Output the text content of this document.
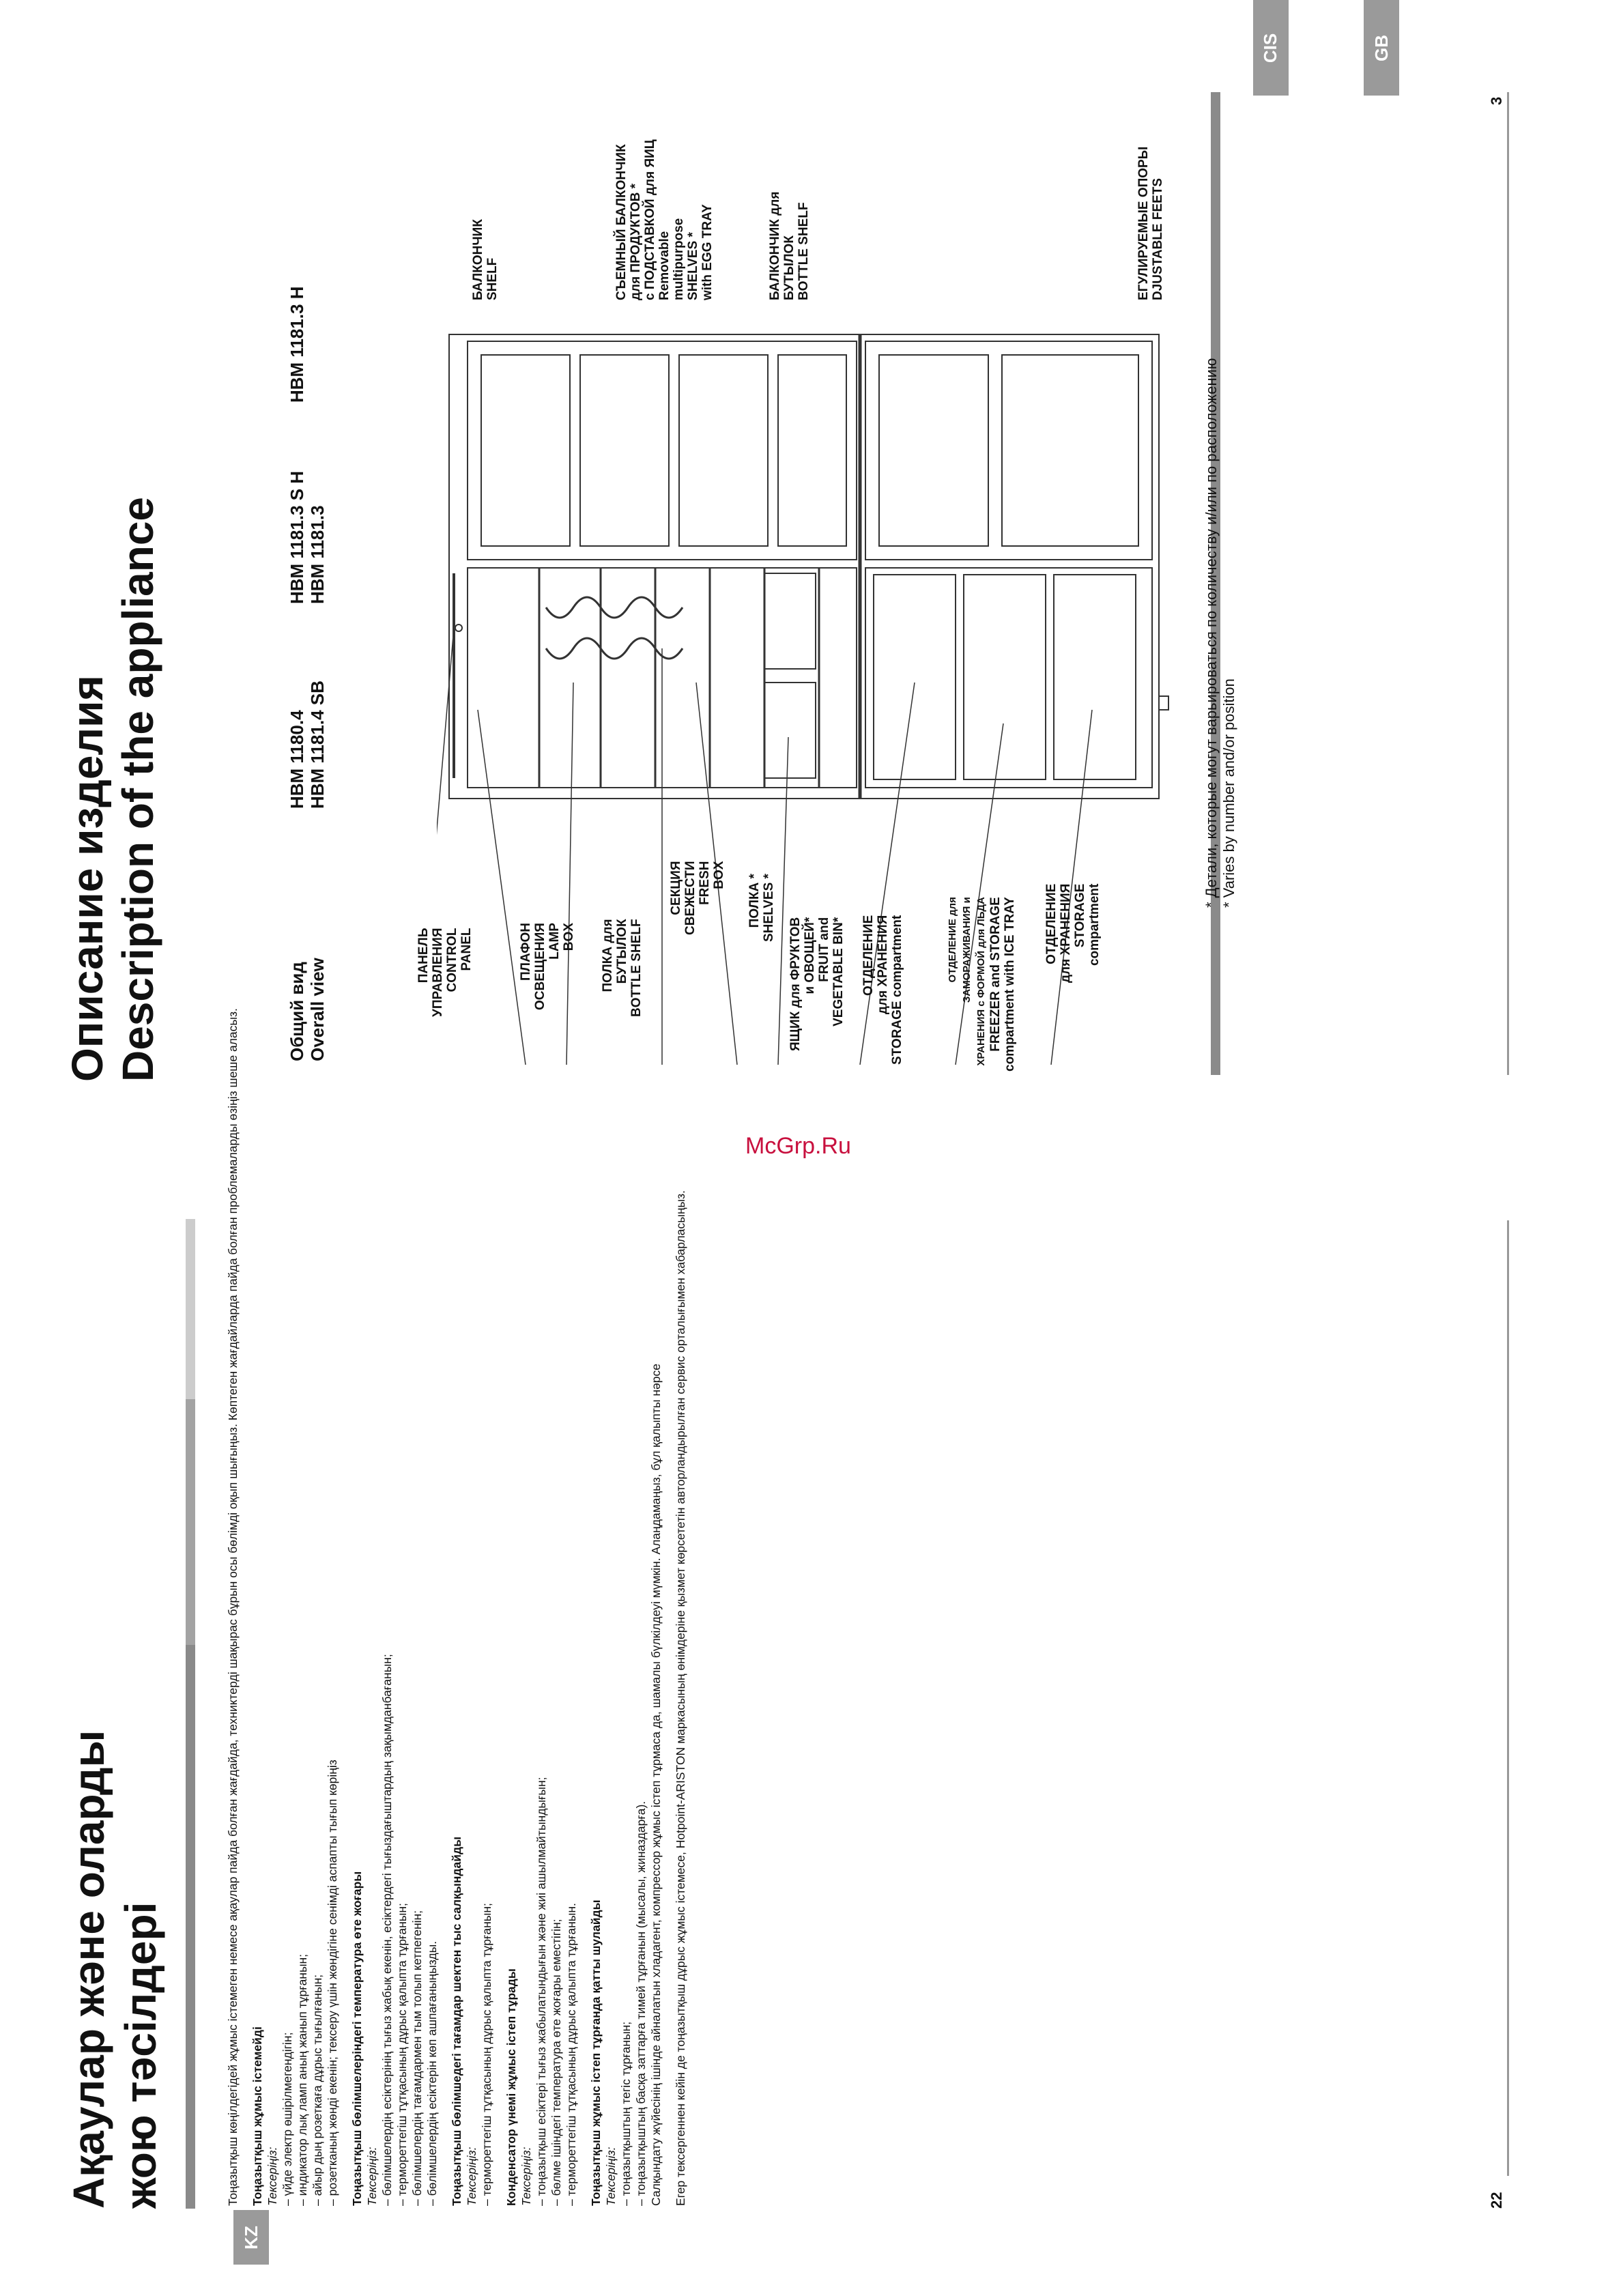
McGrp.Ru
KZ
CIS	GB
22
3
Ақаулар және оларды жою тәсілдері	Тоңазытқыш көңілдегідей жұмыс істемеген немесе ақаулар пайда болған жағдайда, техниктерді шақырас бұрын осы бөлімді оқып шығыңыз. Көптеген жағдайларда пайда болған проблемаларды өзіңіз шеше аласыз. Тоңазытқыш жұмыс істемейді Тексеріңіз: – үйде электр өшірілмегендігін; – индикатор лық ламп аның жанып тұрғанын; – айыр дың розеткаға дұрыс тығылғанын; – розетканың жөнді екенін; тексеру үшін жөндігіне сенімді аспапты тығып көріңіз Тоңазытқыш бөлімшелеріндегі температура өте жоғары Тексеріңіз: – бөлімшелердің есіктерінің тығыз жабық екенін, есіктердегі тығыздағыштардың зақымданбағанын; – термореттегіш тұтқасының дұрыс қалыпта тұрғанын; – бөлімшелердің тағамдармен тым толып кетпегенін; – бөлімшелердің есіктерін көп ашпағаныңызды. Тоңазытқыш бөлімшедегі тағамдар шектен тыс салқындайды Тексеріңіз: – термореттегіш тұтқасының дұрыс қалыпта тұрғанын; Конденсатор үнемі жұмыс істеп тұрады Тексеріңіз: – тоңазытқыш есіктері тығыз жабылатындығын және жиі ашылмайтындығын; – бөлме ішіндегі температура өте жоғары еместігін; – термореттегіш тұтқасының дұрыс қалыпта тұрғанын. Тоңазытқыш жұмыс істеп тұрғанда қатты шулайды Тексеріңіз: – тоңазытқыштың тегіс тұрғанын; – тоңазытқыштың басқа заттарға тимей тұрғанын (мысалы, жиназдарға). Салқындату жүйесінің ішінде айналатын хладагент, компрессор жұмыс істеп тұрмаса да, шамалы бүлкілдеуі мүмкін. Алаңдамаңыз, бұл қалыпты нәрсе Егер тексергеннен кейін де тоңазытқыш дұрыс жұмыс істемесе, Hotpoint-ARISTON маркасының өнімдеріне қызмет көрсететін авторландырылған сервис орталығымен хабарласыңыз.

Описание изделия Description of the appliance	Общий вид Overall view
HBM 1180.4 HBM 1181.4 SB
HBM 1181.3 S H HBM 1181.3
HBM 1181.3 H
ПАНЕЛЬ УПРАВЛЕНИЯ CONTROL PANEL	ПЛАФОН ОСВЕЩЕНИЯ LAMP BOX ПОЛКА для БУТЫЛОК BOTTLE SHELF
СЕКЦИЯ СВЕЖЕСТИ FRESH BOX ПОЛКА * SHELVES *
ЯЩИК для ФРУКТОВ и ОВОЩЕЙ* FRUIT and VEGETABLE BIN* ОТДЕЛЕНИЕ для ХРАНЕНИЯ STORAGE compartment	ОТДЕЛЕНИЕ для ЗАМОРАЖИВАНИЯ и ХРАНЕНИЯ с ФОРМОЙ для ЛЬДА FREEZER and STORAGE compartment with ICE TRAY ОТДЕЛЕНИЕ для ХРАНЕНИЯ STORAGE compartment
БАЛКОНЧИК SHELF	СЪЕМНЫЙ БАЛКОНЧИК для ПРОДУКТОВ * с ПОДСТАВКОЙ для ЯИЦ Removable multipurpose SHELVES * with EGG TRAY	БАЛКОНЧИК для БУТЫЛОК BOTTLE SHELF	ЕГУЛИРУЕМЫЕ ОПОРЫ DJUSTABLE FEETS
* Детали, которые могут варьироваться по количеству и/или по расположению * Varies by number and/or position
